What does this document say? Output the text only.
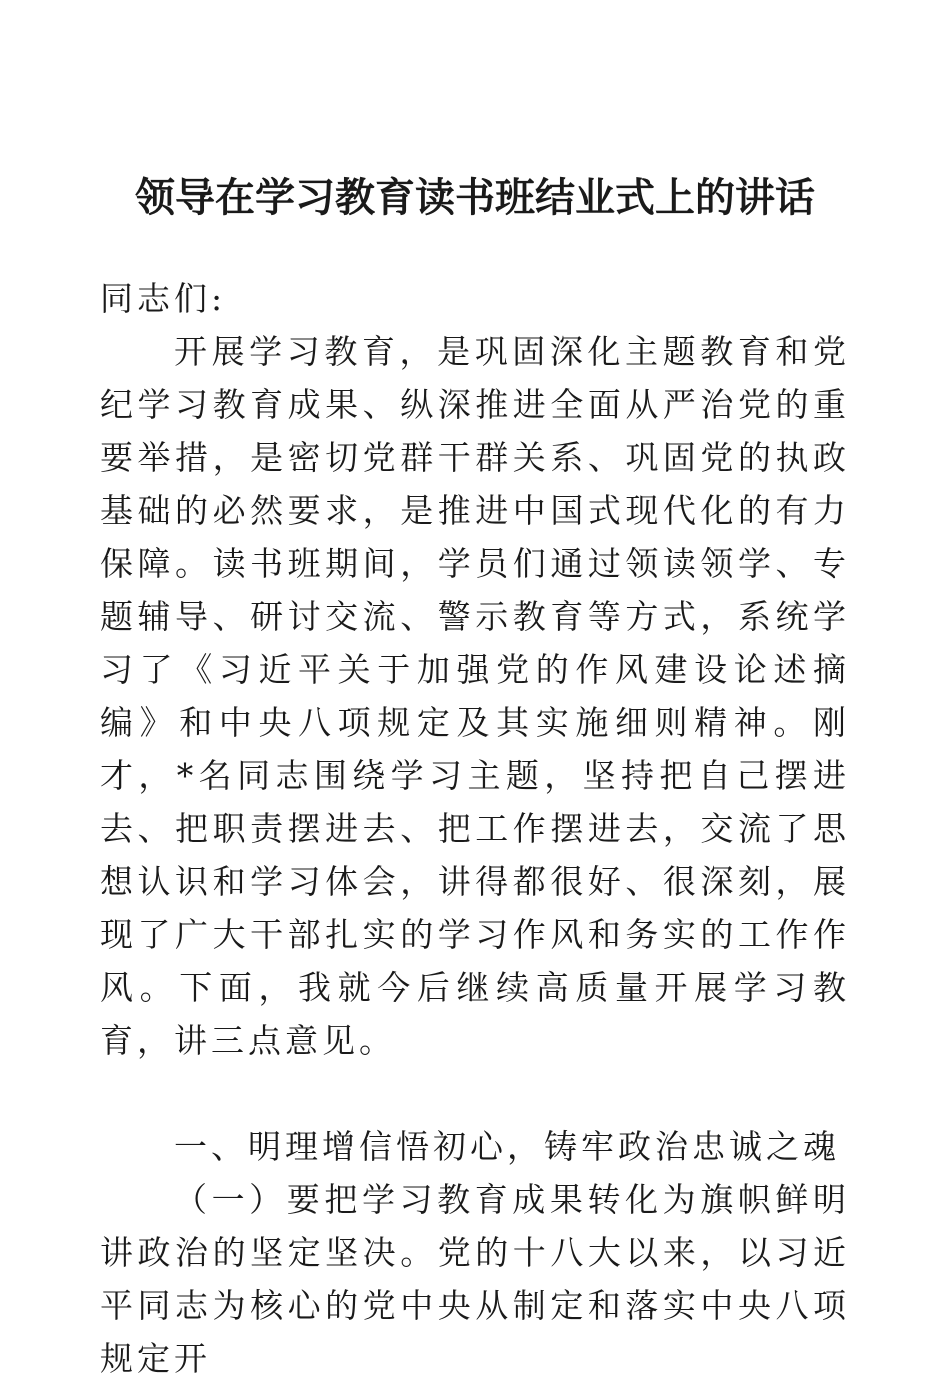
领导在学习教育读书班结业式上的讲话

同志们:

开展学习教育，是巩固深化主题教育和党纪学习教育成果、纵深推进全面从严治党的重要举措，是密切党群干群关系、巩固党的执政基础的必然要求，是推进中国式现代化的有力保障。读书班期间，学员们通过领读领学、专题辅导、研讨交流、警示教育等方式，系统学习了《习近平关于加强党的作风建设论述摘编》和中央八项规定及其实施细则精神。刚才，*名同志围绕学习主题，坚持把自己摆进去、把职责摆进去、把工作摆进去，交流了思想认识和学习体会，讲得都很好、很深刻，展现了广大干部扎实的学习作风和务实的工作作风。下面，我就今后继续高质量开展学习教育，讲三点意见。

一、明理增信悟初心，铸牢政治忠诚之魂

（一）要把学习教育成果转化为旗帜鲜明讲政治的坚定坚决。党的十八大以来，以习近平同志为核心的党中央从制定和落实中央八项规定开
